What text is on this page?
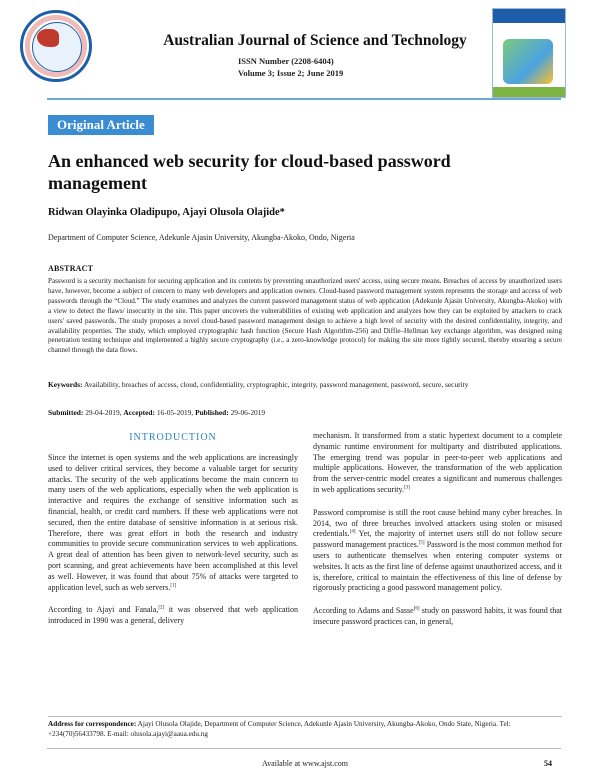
Australian Journal of Science and Technology
ISSN Number (2208-6404)
Volume 3; Issue 2; June 2019
Original Article
An enhanced web security for cloud-based password management
Ridwan Olayinka Oladipupo, Ajayi Olusola Olajide*
Department of Computer Science, Adekunle Ajasin University, Akungba-Akoko, Ondo, Nigeria
ABSTRACT
Password is a security mechanism for securing application and its contents by preventing unauthorized users' access, using secure means. Breaches of access by unauthorized users have, however, become a subject of concern to many web developers and application owners. Cloud-based password management system represents the storage and access of web passwords through the “Cloud.” The study examines and analyzes the current password management status of web application (Adekunle Ajasin University, Akungba-Akoko) with a view to detect the flaws/ insecurity in the site. This paper uncovers the vulnerabilities of existing web application and analyzes how they can be exploited by attackers to crack users' saved passwords. The study proposes a novel cloud-based password management design to achieve a high level of security with the desired confidentiality, integrity, and availability properties. The study, which employed cryptographic hash function (Secure Hash Algorithm-256) and Diffie–Hellman key exchange algorithm, was designed using penetration testing technique and implemented a highly secure cryptography (i.e., a zero-knowledge protocol) for making the site more tightly secured, thereby ensuring a secure channel through the data flows.
Keywords: Availability, breaches of access, cloud, confidentiality, cryptographic, integrity, password management, password, secure, security
Submitted: 29-04-2019, Accepted: 16-05-2019, Published: 29-06-2019
INTRODUCTION

Since the internet is open systems and the web applications are increasingly used to deliver critical services, they become a valuable target for security attacks. The security of the web applications become the main concern to many users of the web applications, especially when the web application is interactive and requires the exchange of sensitive information such as financial, health, or credit card numbers. If these web applications were not secured, then the entire database of sensitive information is at serious risk. Therefore, there was great effort in both the research and industry communities to provide secure communication services to web applications. A great deal of attention has been given to network-level security, such as port scanning, and great achievements have been accomplished at this level as well. However, it was found that about 75% of attacks were targeted to application level, such as web servers.[1]

According to Ajayi and Fanala,[2] it was observed that web application introduced in 1990 was a general, delivery

mechanism. It transformed from a static hypertext document to a complete dynamic runtime environment for multiparty and distributed applications. The emerging trend was popular in peer-to-peer web applications and multiple applications. However, the transformation of the web application from the server-centric model creates a significant and numerous challenges in web applications security.[3]

Password compromise is still the root cause behind many cyber breaches. In 2014, two of three breaches involved attackers using stolen or misused credentials.[4] Yet, the majority of internet users still do not follow secure password management practices.[5] Password is the most common method for users to authenticate themselves when entering computer systems or websites. It acts as the first line of defense against unauthorized access, and it is, therefore, critical to maintain the effectiveness of this line of defense by rigorously practicing a good password management policy.

According to Adams and Sasse[6] study on password habits, it was found that insecure password practices can, in general,

Address for correspondence: Ajayi Olusola Olajide, Department of Computer Science, Adekunle Ajasin University, Akungba-Akoko, Ondo State, Nigeria. Tel: +234(70)56433798. E-mail: olusola.ajayi@aaua.edu.ng
Available at www.ajst.com	54
